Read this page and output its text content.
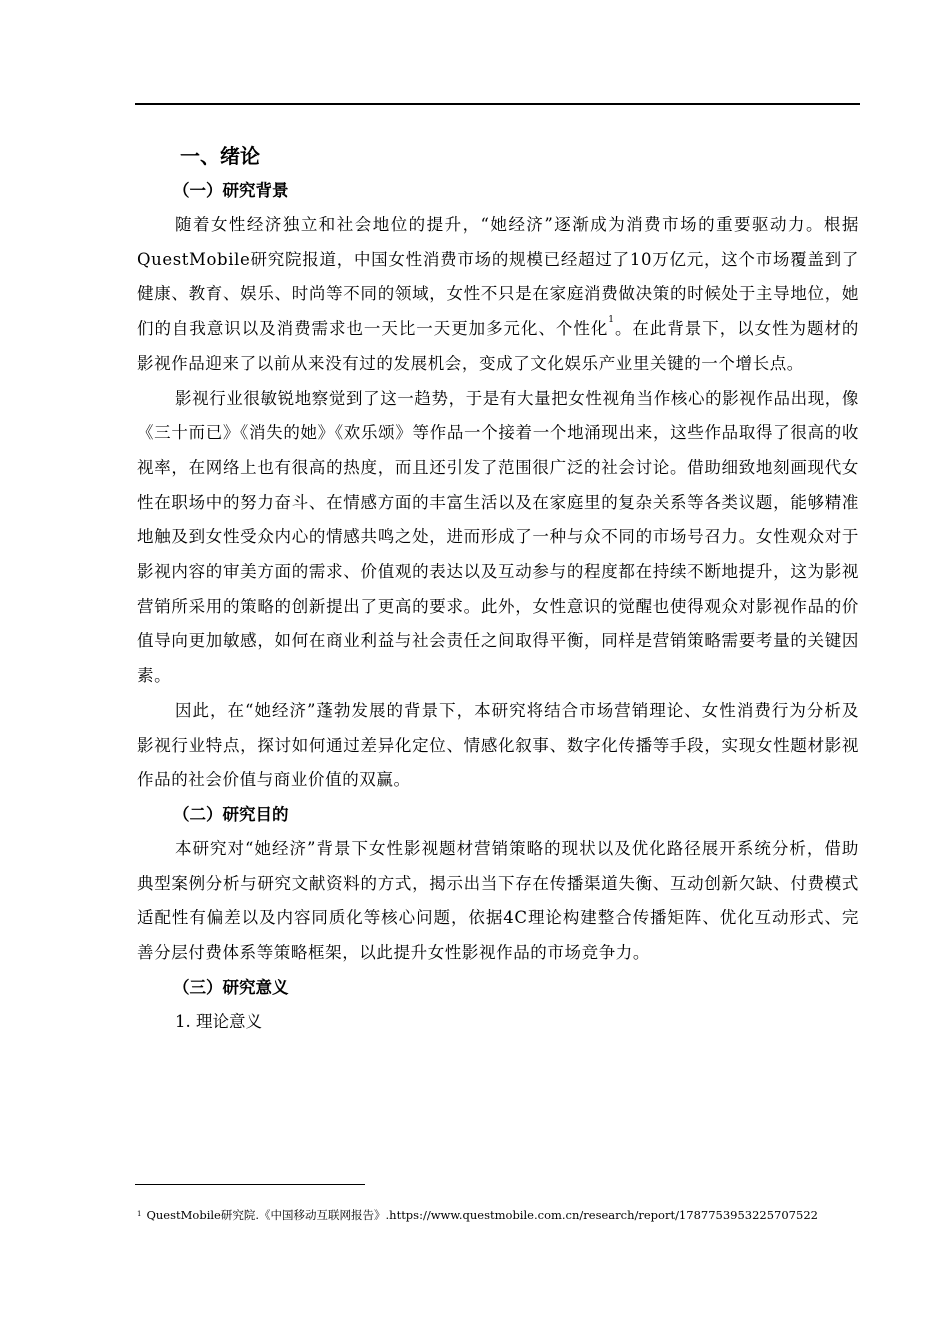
一、绪论
（一）研究背景

随着女性经济独立和社会地位的提升，“她经济”逐渐成为消费市场的重要驱动力。根据QuestMobile研究院报道，中国女性消费市场的规模已经超过了10万亿元，这个市场覆盖到了健康、教育、娱乐、时尚等不同的领域，女性不只是在家庭消费做决策的时候处于主导地位，她们的自我意识以及消费需求也一天比一天更加多元化、个性化$^1$。在此背景下，以女性为题材的影视作品迎来了以前从来没有过的发展机会，变成了文化娱乐产业里关键的一个增长点。

影视行业很敏锐地察觉到了这一趋势，于是有大量把女性视角当作核心的影视作品出现，像《三十而已》《消失的她》《欢乐颂》等作品一个接着一个地涌现出来，这些作品取得了很高的收视率，在网络上也有很高的热度，而且还引发了范围很广泛的社会讨论。借助细致地刻画现代女性在职场中的努力奋斗、在情感方面的丰富生活以及在家庭里的复杂关系等各类议题，能够精准地触及到女性受众内心的情感共鸣之处，进而形成了一种与众不同的市场号召力。女性观众对于影视内容的审美方面的需求、价值观的表达以及互动参与的程度都在持续不断地提升，这为影视营销所采用的策略的创新提出了更高的要求。此外，女性意识的觉醒也使得观众对影视作品的价值导向更加敏感，如何在商业利益与社会责任之间取得平衡，同样是营销策略需要考量的关键因素。

因此，在“她经济”蓬勃发展的背景下，本研究将结合市场营销理论、女性消费行为分析及影视行业特点，探讨如何通过差异化定位、情感化叙事、数字化传播等手段，实现女性题材影视作品的社会价值与商业价值的双赢。

（二）研究目的

本研究对“她经济”背景下女性影视题材营销策略的现状以及优化路径展开系统分析，借助典型案例分析与研究文献资料的方式，揭示出当下存在传播渠道失衡、互动创新欠缺、付费模式适配性有偏差以及内容同质化等核心问题，依据4C理论构建整合传播矩阵、优化互动形式、完善分层付费体系等策略框架，以此提升女性影视作品的市场竞争力。

（三）研究意义
1. 理论意义
$^1$ QuestMobile研究院.《中国移动互联网报告》.https://www.questmobile.com.cn/research/report/1787753953225707522
